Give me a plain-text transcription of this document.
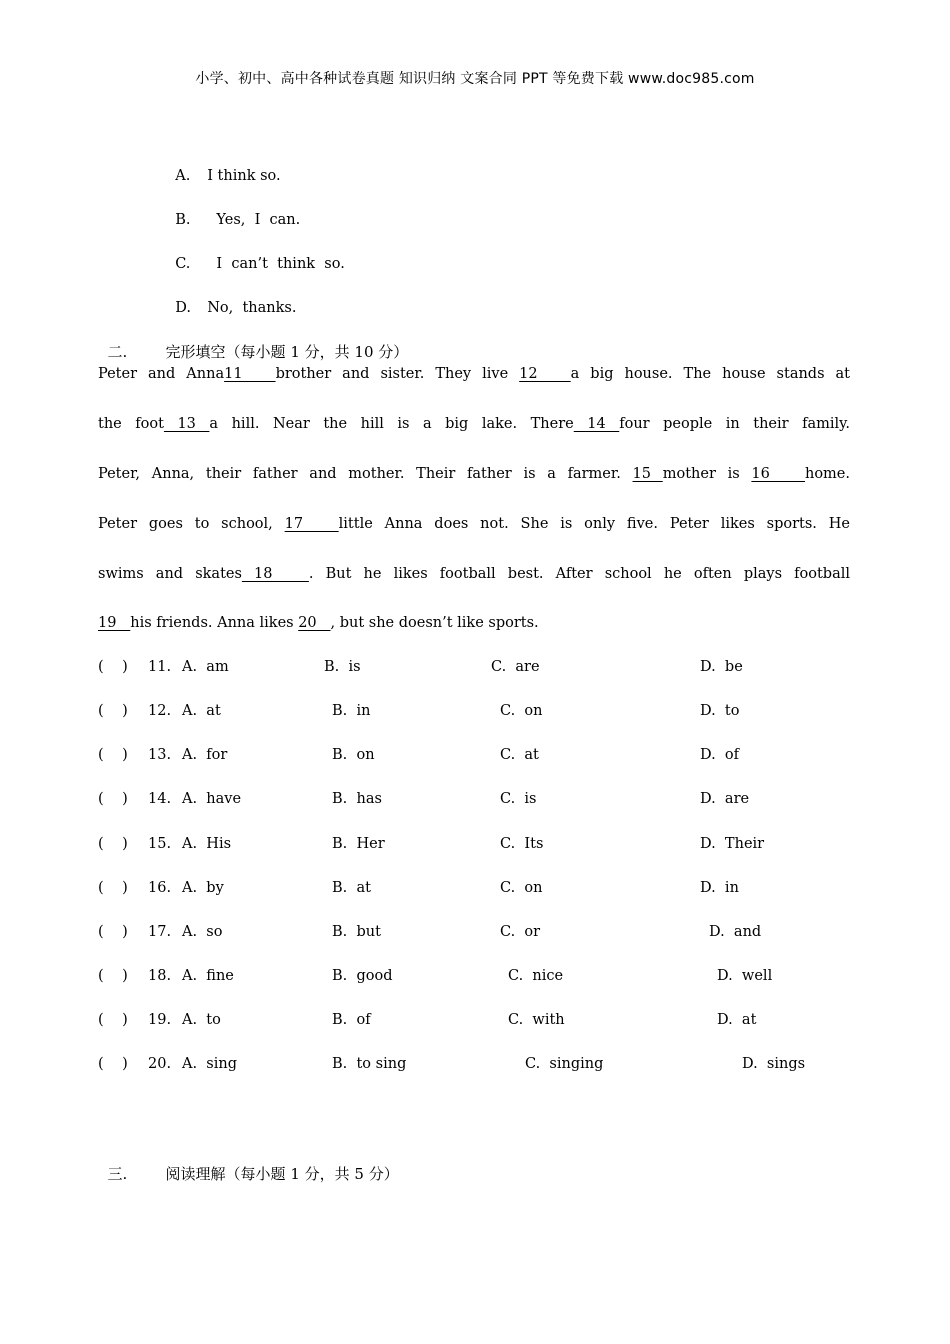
小学、初中、高中各种试卷真题 知识归纳 文案合同 PPT 等免费下载 www.doc985.com

A. I think so.

B.  Yes,  I  can.

C.  I  can’t  think  so.

D. No,  thanks.

二.	完形填空（每小题 1 分，共 10 分）

Peter and Anna11   brother and sister. They live 12   a big house. The house stands at
the foot 13 a hill. Near the hill is a big lake. There 14 four people in their family.
Peter, Anna, their father and mother. Their father is a farmer. 15 mother is 16   home.
Peter goes to school, 17   little Anna does not. She is only five. Peter likes sports. He
swims and skates 18   . But he likes football best. After school he often plays football
19   his friends. Anna likes 20   , but she doesn’t like sports.
(    ) 11. A.  am	B.  is	C.  are	D.  be
(    ) 12. A.  at	B.  in	C.  on	D.  to
(    ) 13. A.  for	B.  on	C.  at	D.  of
(    ) 14. A.  have	B.  has	C.  is	D.  are
(    ) 15. A.  His	B.  Her	C.  Its	D.  Their
(    ) 16. A.  by	B.  at	C.  on	D.  in
(    ) 17. A.  so	B.  but	C.  or	D.  and
(    ) 18. A.  fine	B.  good	C.  nice	D.  well
(    ) 19. A.  to	B.  of	C.  with	D.  at
(    ) 20. A.  sing	B.  to sing	C.  singing	D.  sings

三.	阅读理解（每小题 1 分，共 5 分）
